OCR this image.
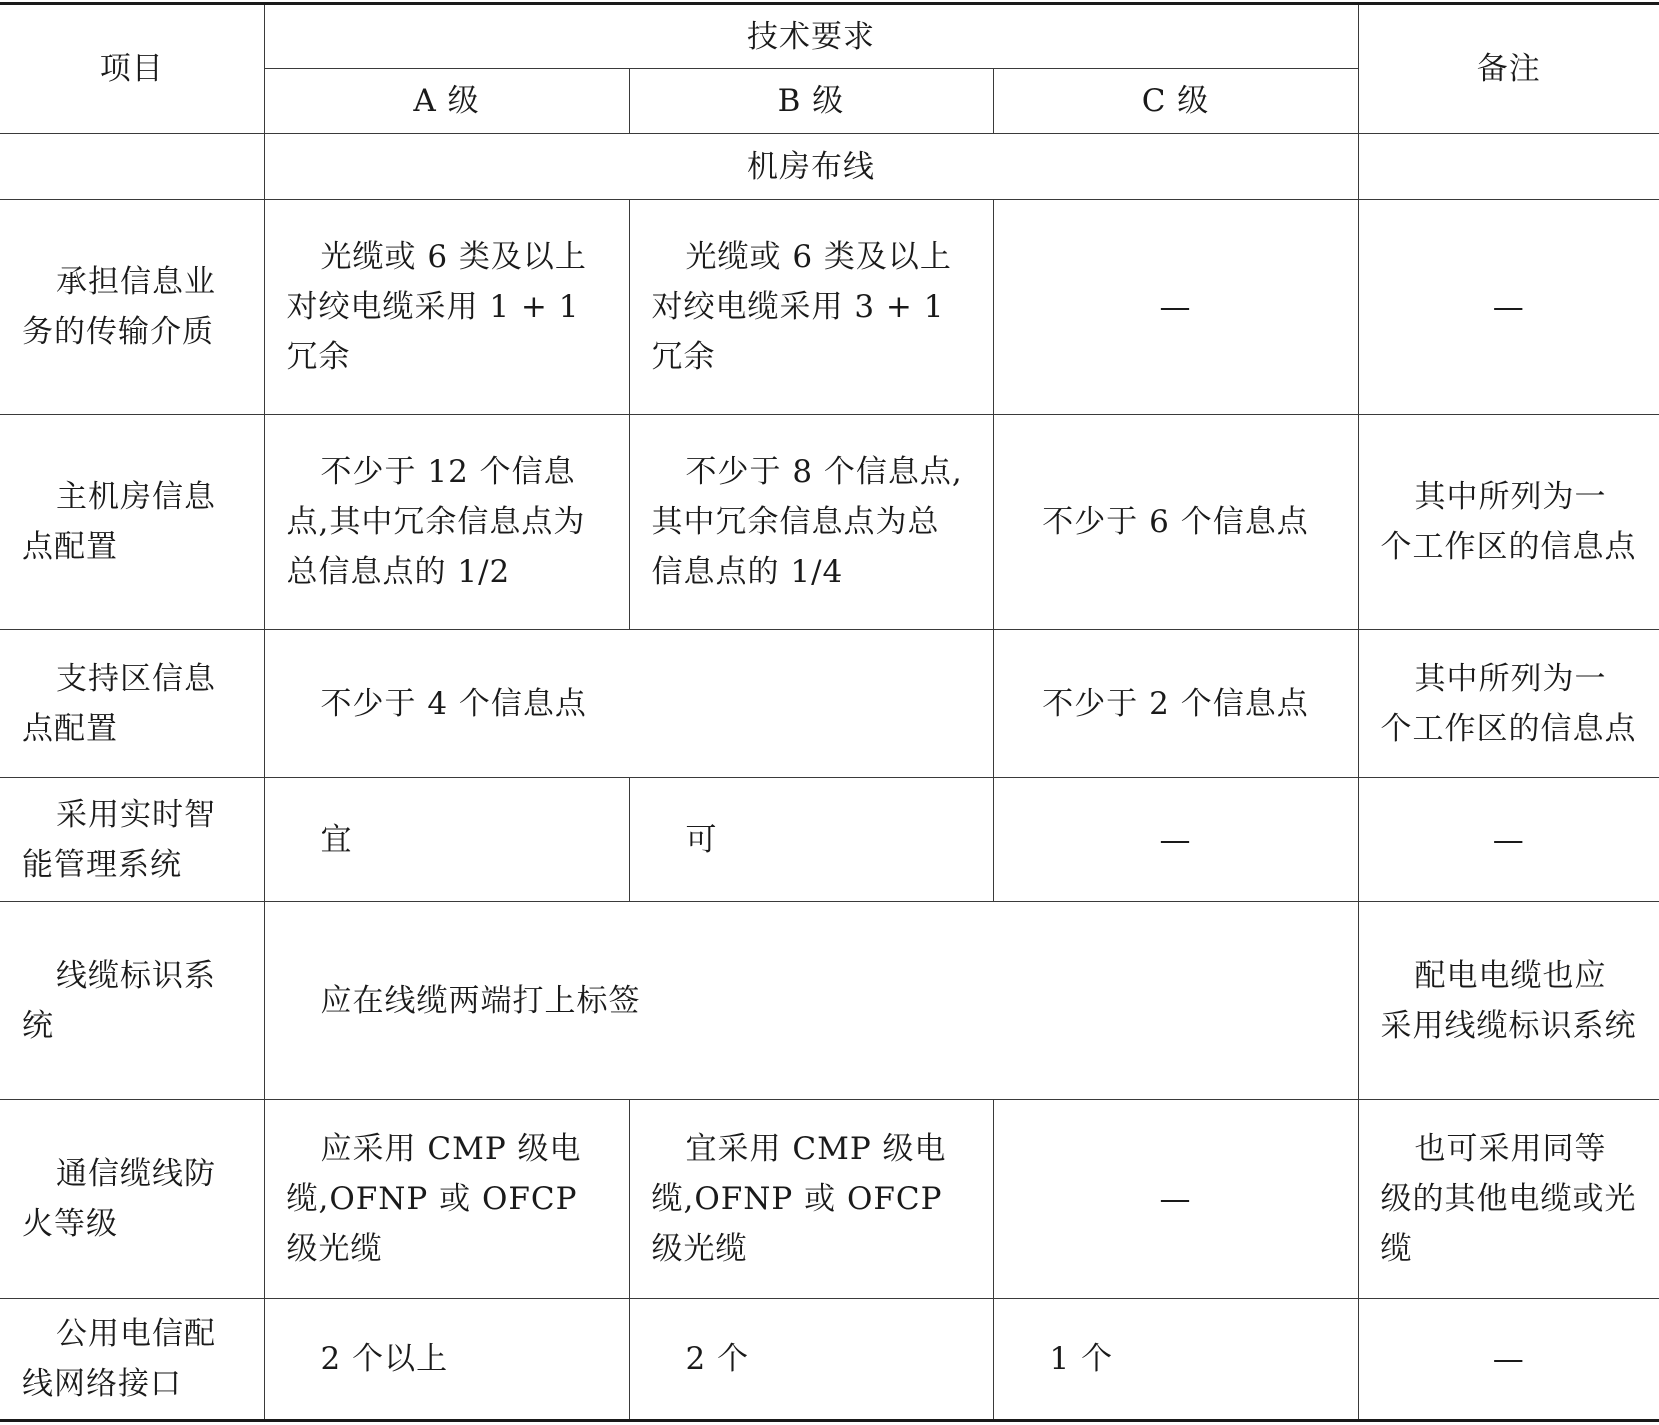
项目	技术要求			备注
	A 级	B 级	C 级	
	机房布线			
承担信息业务的传输介质	光缆或 6 类及以上对绞电缆采用 1 + 1 冗余	光缆或 6 类及以上对绞电缆采用 3 + 1 冗余	—	—
主机房信息点配置	不少于 12 个信息点,其中冗余信息点为总信息点的 1/2	不少于 8 个信息点,其中冗余信息点为总信息点的 1/4	不少于 6 个信息点	其中所列为一个工作区的信息点
支持区信息点配置	不少于 4 个信息点		不少于 2 个信息点	其中所列为一个工作区的信息点
采用实时智能管理系统	宜	可	—	—
线缆标识系统	应在线缆两端打上标签			配电电缆也应采用线缆标识系统
通信缆线防火等级	应采用 CMP 级电缆,OFNP 或 OFCP 级光缆	宜采用 CMP 级电缆,OFNP 或 OFCP 级光缆	—	也可采用同等级的其他电缆或光缆
公用电信配线网络接口	2 个以上	2 个	1 个	—
